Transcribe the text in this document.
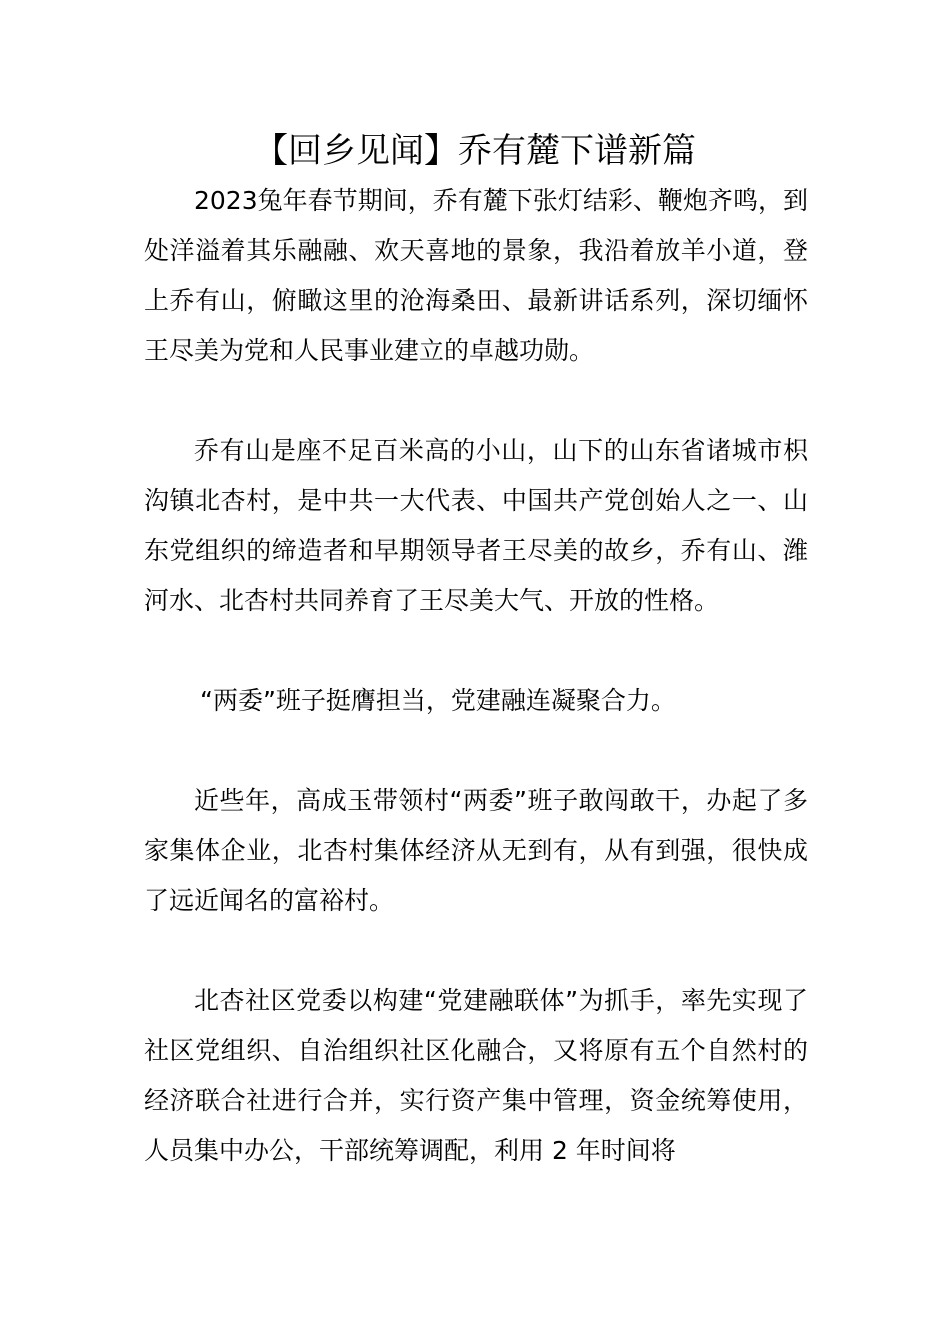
【回乡见闻】乔有麓下谱新篇

2023兔年春节期间，乔有麓下张灯结彩、鞭炮齐鸣，到处洋溢着其乐融融、欢天喜地的景象，我沿着放羊小道，登上乔有山，俯瞰这里的沧海桑田、最新讲话系列，深切缅怀王尽美为党和人民事业建立的卓越功勋。

乔有山是座不足百米高的小山，山下的山东省诸城市枳沟镇北杏村，是中共一大代表、中国共产党创始人之一、山东党组织的缔造者和早期领导者王尽美的故乡，乔有山、潍河水、北杏村共同养育了王尽美大气、开放的性格。

“两委”班子挺膺担当，党建融连凝聚合力。

近些年，高成玉带领村“两委”班子敢闯敢干，办起了多家集体企业，北杏村集体经济从无到有，从有到强，很快成了远近闻名的富裕村。

北杏社区党委以构建“党建融联体”为抓手，率先实现了社区党组织、自治组织社区化融合，又将原有五个自然村的经济联合社进行合并，实行资产集中管理，资金统筹使用，人员集中办公，干部统筹调配，利用 2 年时间将
